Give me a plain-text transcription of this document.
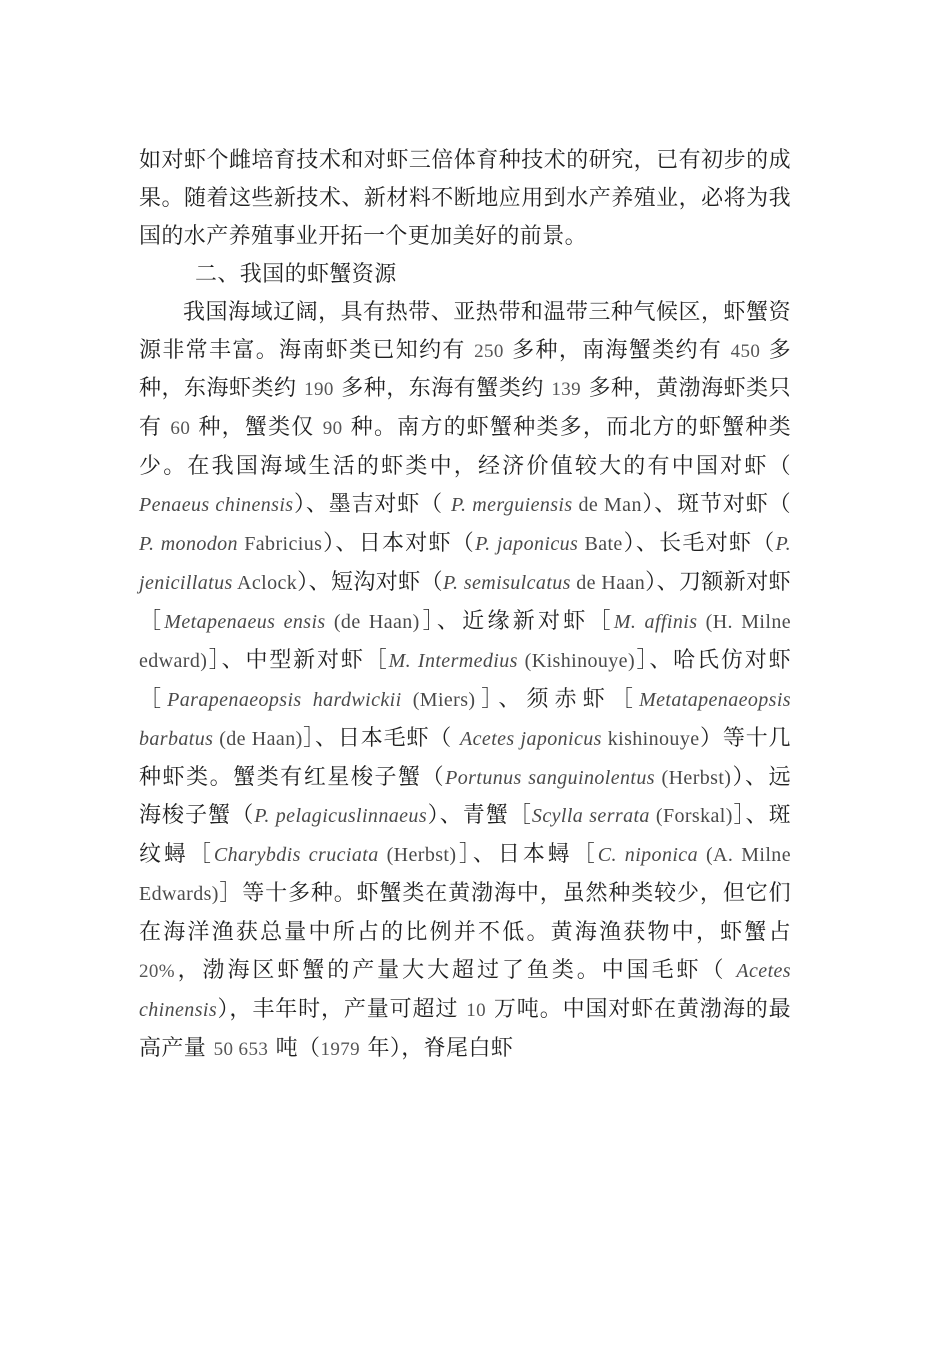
如对虾个雌培育技术和对虾三倍体育种技术的研究，已有初步的成果。随着这些新技术、新材料不断地应用到水产养殖业，必将为我国的水产养殖事业开拓一个更加美好的前景。

二、我国的虾蟹资源

我国海域辽阔，具有热带、亚热带和温带三种气候区，虾蟹资源非常丰富。海南虾类已知约有 250 多种，南海蟹类约有 450 多种，东海虾类约 190 多种，东海有蟹类约 139 多种，黄渤海虾类只有 60 种，蟹类仅 90 种。南方的虾蟹种类多，而北方的虾蟹种类少。在我国海域生活的虾类中，经济价值较大的有中国对虾（ Penaeus chinensis）、墨吉对虾（ P. merguiensis de Man）、斑节对虾（ P. monodon Fabricius）、日本对虾（P. japonicus Bate）、长毛对虾（P. jenicillatus Aclock）、短沟对虾（P. semisulcatus de Haan）、刀额新对虾［Metapenaeus ensis (de Haan)］、近缘新对虾［M. affinis (H. Milne edward)］、中型新对虾［M. Intermedius (Kishinouye)］、哈氏仿对虾［Parapenaeopsis hardwickii (Miers)］、须赤虾［Metatapenaeopsis barbatus (de Haan)］、日本毛虾（ Acetes japonicus kishinouye）等十几种虾类。蟹类有红星梭子蟹（Portunus sanguinolentus (Herbst)）、远海梭子蟹（P. pelagicuslinnaeus）、青蟹［Scylla serrata (Forskal)］、斑纹蟳［Charybdis cruciata (Herbst)］、日本蟳［C. niponica (A. Milne Edwards)］等十多种。虾蟹类在黄渤海中，虽然种类较少，但它们在海洋渔获总量中所占的比例并不低。黄海渔获物中，虾蟹占 20%，渤海区虾蟹的产量大大超过了鱼类。中国毛虾（ Acetes chinensis），丰年时，产量可超过 10 万吨。中国对虾在黄渤海的最高产量 50 653 吨（1979 年），脊尾白虾
